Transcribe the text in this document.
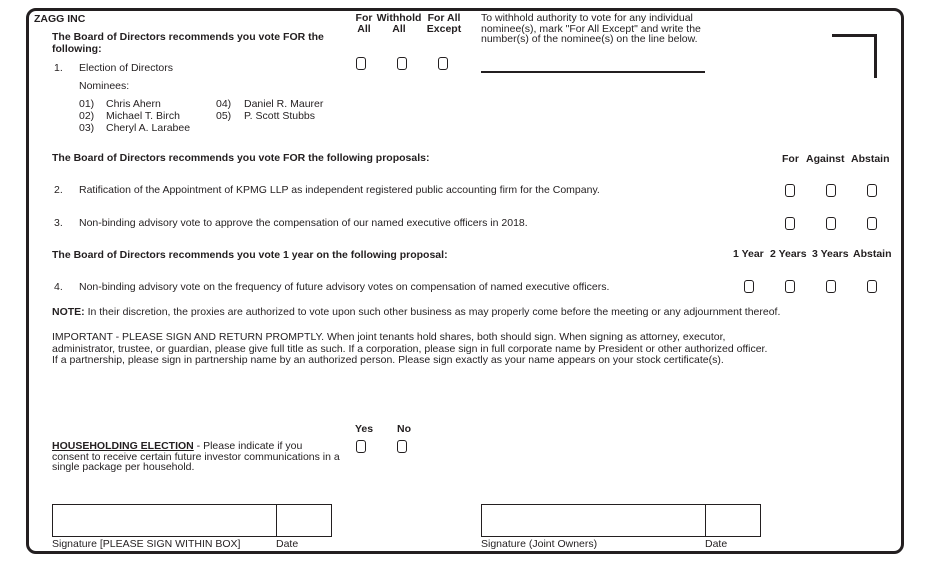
ZAGG INC
The Board of Directors recommends you vote FOR the following:
For All
Withhold All
For All Except
To withhold authority to vote for any individual nominee(s), mark "For All Except" and write the number(s) of the nominee(s) on the line below.
1. Election of Directors
Nominees:
01) Chris Ahern
02) Michael T. Birch
03) Cheryl A. Larabee
04) Daniel R. Maurer
05) P. Scott Stubbs
The Board of Directors recommends you vote FOR the following proposals:	For Against Abstain
2. Ratification of the Appointment of KPMG LLP as independent registered public accounting firm for the Company.
3. Non-binding advisory vote to approve the compensation of our named executive officers in 2018.
The Board of Directors recommends you vote 1 year on the following proposal:	1 Year 2 Years 3 Years Abstain
4. Non-binding advisory vote on the frequency of future advisory votes on compensation of named executive officers.
NOTE: In their discretion, the proxies are authorized to vote upon such other business as may properly come before the meeting or any adjournment thereof.
IMPORTANT - PLEASE SIGN AND RETURN PROMPTLY. When joint tenants hold shares, both should sign. When signing as attorney, executor, administrator, trustee, or guardian, please give full title as such. If a corporation, please sign in full corporate name by President or other authorized officer. If a partnership, please sign in partnership name by an authorized person. Please sign exactly as your name appears on your stock certificate(s).
Yes No
HOUSEHOLDING ELECTION - Please indicate if you consent to receive certain future investor communications in a single package per household.
Signature [PLEASE SIGN WITHIN BOX]	Date	Signature (Joint Owners)	Date
